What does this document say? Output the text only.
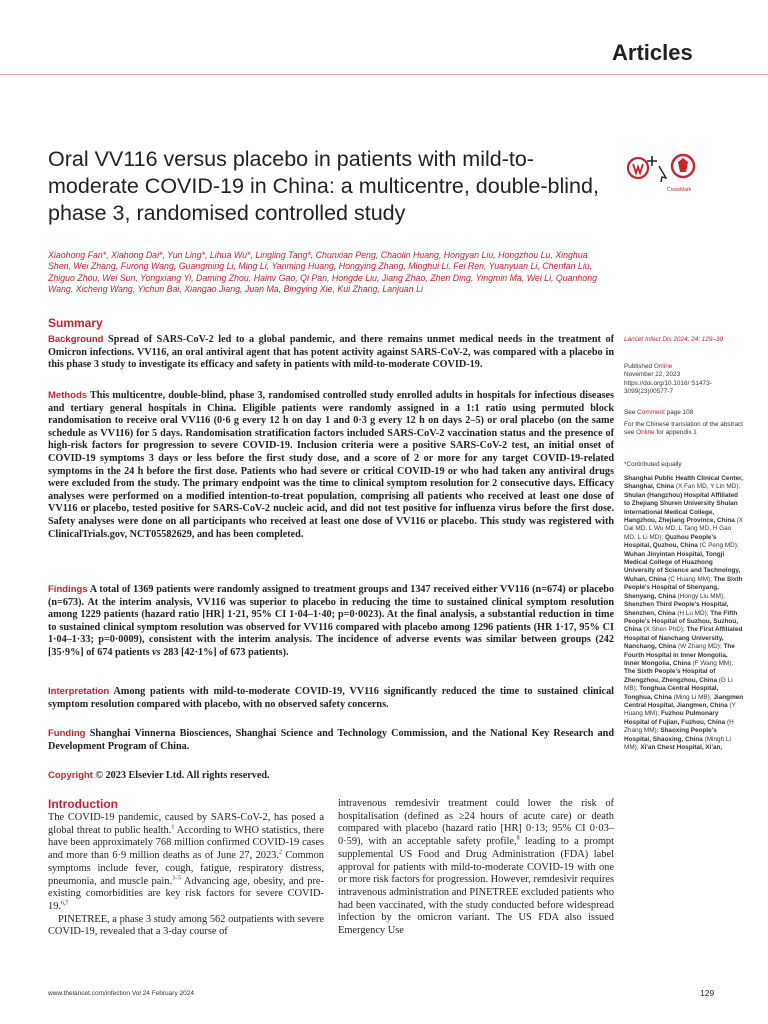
Articles
Oral VV116 versus placebo in patients with mild-to-moderate COVID-19 in China: a multicentre, double-blind, phase 3, randomised controlled study
CrossMark
Xiaohong Fan*, Xiahong Dai*, Yun Ling*, Lihua Wu*, Lingling Tang*, Chunxian Peng, Chaolin Huang, Hongyan Liu, Hongzhou Lu, Xinghua Shen, Wei Zhang, Furong Wang, Guangming Li, Ming Li, Yanming Huang, Hongying Zhang, Minghui Li, Fei Ren, Yuanyuan Li, Chenfan Liu, Zhiguo Zhou, Wei Sun, Yongxiang Yi, Daming Zhou, Hainv Gao, Qi Pan, Hongde Liu, Jiang Zhao, Zhen Ding, Yingmin Ma, Wei Li, Quanhong Wang, Xicheng Wang, Yichun Bai, Xiangao Jiang, Juan Ma, Bingying Xie, Kui Zhang, Lanjuan Li
Summary
Background Spread of SARS-CoV-2 led to a global pandemic, and there remains unmet medical needs in the treatment of Omicron infections. VV116, an oral antiviral agent that has potent activity against SARS-CoV-2, was compared with a placebo in this phase 3 study to investigate its efficacy and safety in patients with mild-to-moderate COVID-19.
Methods This multicentre, double-blind, phase 3, randomised controlled study enrolled adults in hospitals for infectious diseases and tertiary general hospitals in China. Eligible patients were randomly assigned in a 1:1 ratio using permuted block randomisation to receive oral VV116 (0·6 g every 12 h on day 1 and 0·3 g every 12 h on days 2–5) or oral placebo (on the same schedule as VV116) for 5 days. Randomisation stratification factors included SARS-CoV-2 vaccination status and the presence of high-risk factors for progression to severe COVID-19. Inclusion criteria were a positive SARS-CoV-2 test, an initial onset of COVID-19 symptoms 3 days or less before the first study dose, and a score of 2 or more for any target COVID-19-related symptoms in the 24 h before the first dose. Patients who had severe or critical COVID-19 or who had taken any antiviral drugs were excluded from the study. The primary endpoint was the time to clinical symptom resolution for 2 consecutive days. Efficacy analyses were performed on a modified intention-to-treat population, comprising all patients who received at least one dose of VV116 or placebo, tested positive for SARS-CoV-2 nucleic acid, and did not test positive for influenza virus before the first dose. Safety analyses were done on all participants who received at least one dose of VV116 or placebo. This study was registered with ClinicalTrials.gov, NCT05582629, and has been completed.
Findings A total of 1369 patients were randomly assigned to treatment groups and 1347 received either VV116 (n=674) or placebo (n=673). At the interim analysis, VV116 was superior to placebo in reducing the time to sustained clinical symptom resolution among 1229 patients (hazard ratio [HR] 1·21, 95% CI 1·04–1·40; p=0·0023). At the final analysis, a substantial reduction in time to sustained clinical symptom resolution was observed for VV116 compared with placebo among 1296 patients (HR 1·17, 95% CI 1·04–1·33; p=0·0009), consistent with the interim analysis. The incidence of adverse events was similar between groups (242 [35·9%] of 674 patients vs 283 [42·1%] of 673 patients).
Interpretation Among patients with mild-to-moderate COVID-19, VV116 significantly reduced the time to sustained clinical symptom resolution compared with placebo, with no observed safety concerns.
Funding Shanghai Vinnerna Biosciences, Shanghai Science and Technology Commission, and the National Key Research and Development Program of China.
Copyright © 2023 Elsevier Ltd. All rights reserved.
Introduction

The COVID-19 pandemic, caused by SARS-CoV-2, has posed a global threat to public health.$^1$ According to WHO statistics, there have been approximately 768 million confirmed COVID-19 cases and more than 6·9 million deaths as of June 27, 2023.$^2$ Common symptoms include fever, cough, fatigue, respiratory distress, pneumonia, and muscle pain.$^{3-5}$ Advancing age, obesity, and pre-existing comorbidities are key risk factors for severe COVID-19.$^{6,7}$

PINETREE, a phase 3 study among 562 outpatients with severe COVID-19, revealed that a 3-day course of

intravenous remdesivir treatment could lower the risk of hospitalisation (defined as ≥24 hours of acute care) or death compared with placebo (hazard ratio [HR] 0·13; 95% CI 0·03–0·59), with an acceptable safety profile,$^8$ leading to a prompt supplemental US Food and Drug Administration (FDA) label approval for patients with mild-to-moderate COVID-19 with one or more risk factors for progression. However, remdesivir requires intravenous administration and PINETREE excluded patients who had been vaccinated, with the study conducted before widespread infection by the omicron variant. The US FDA also issued Emergency Use

Lancet Infect Dis 2024; 24: 129–39
Published Online
November 22, 2023
https://doi.org/10.1016/ S1473-3099(23)00577-7
See Comment page 108
For the Chinese translation of the abstract see Online for appendix 1
*Contributed equally
Shanghai Public Health Clinical Center, Shanghai, China (X Fan MD, Y Lin MD); Shulan (Hangzhou) Hospital Affiliated to Zhejiang Shuren University Shulan International Medical College, Hangzhou, Zhejiang Province, China (X Dai MD, L Wu MD, L Tang MD, H Gao MD, L Li MD); Quzhou People's Hospital, Quzhou, China (C Peng MD); Wuhan Jinyintan Hospital, Tongji Medical College of Huazhong University of Science and Technology, Wuhan, China (C Huang MM); The Sixth People's Hospital of Shenyang, Shenyang, China (Hongy Liu MM); Shenzhen Third People's Hospital, Shenzhen, China (H Lu MD); The Fifth People's Hospital of Suzhou, Suzhou, China (X Shen PhD); The First Affiliated Hospital of Nanchang University, Nanchang, China (W Zhang MD); The Fourth Hospital in Inner Mongolia, Inner Mongolia, China (F Wang MM); The Sixth People's Hospital of Zhengzhou, Zhengzhou, China (G Li MB); Tonghua Central Hospital, Tonghua, China (Ming Li MB); Jiangmen Central Hospital, Jiangmen, China (Y Huang MM); Fuzhou Pulmonary Hospital of Fujian, Fuzhou, China (H Zhang MM); Shaoxing People's Hospital, Shaoxing, China (Mingh Li MM); Xi'an Chest Hospital, Xi'an,
www.thelancet.com/infection Vol 24 February 2024	129
